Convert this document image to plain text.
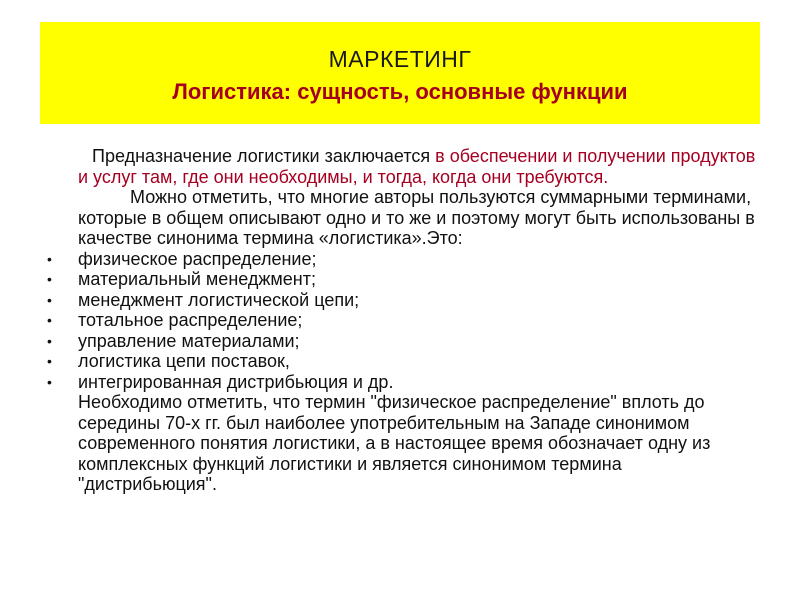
МАРКЕТИНГ
Логистика: сущность, основные функции

Предназначение логистики заключается в обеспечении и получении продуктов и услуг там, где они необходимы, и тогда, когда они требуются.

Можно отметить, что многие авторы пользуются суммарными терминами, которые в общем описывают одно и то же и поэтому могут быть использованы в качестве синонима термина «логистика».Это:

• физическое распределение;
• материальный менеджмент;
• менеджмент логистической цепи;
• тотальное распределение;
• управление материалами;
• логистика цепи поставок,
• интегрированная дистрибьюция и др.

Необходимо отметить, что термин "физическое распределение" вплоть до середины 70-х гг. был наиболее употребительным на Западе синонимом современного понятия логистики, а в настоящее время обозначает одну из комплексных функций логистики и является синонимом термина "дистрибьюция".
